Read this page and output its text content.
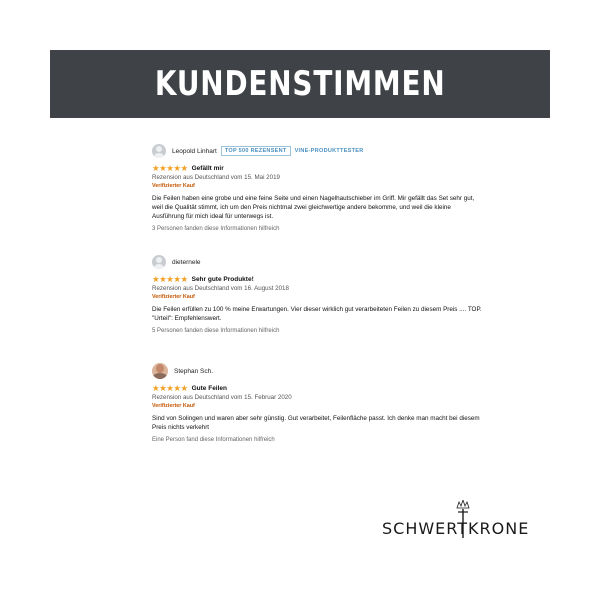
KUNDENSTIMMEN
Leopold Linhart	TOP 500 REZENSENT	VINE-PRODUKTTESTER
★★★★★ Gefällt mir
Rezension aus Deutschland vom 15. Mai 2019
Verifizierter Kauf
Die Feilen haben eine grobe und eine feine Seite und einen Nagelhautschieber im Griff. Mir gefällt das Set sehr gut, weil die Qualität stimmt, ich um den Preis nichtmal zwei gleichwertige andere bekomme, und weil die kleine Ausführung für mich ideal für unterwegs ist.
3 Personen fanden diese Informationen hilfreich
dieternele
★★★★★ Sehr gute Produkte!
Rezension aus Deutschland vom 16. August 2018
Verifizierter Kauf
Die Feilen erfüllen zu 100 % meine Erwartungen. Vier dieser wirklich gut verarbeiteten Feilen zu diesem Preis .... TOP.
"Urteil": Empfehlenswert.
5 Personen fanden diese Informationen hilfreich
Stephan Sch.
★★★★★ Gute Feilen
Rezension aus Deutschland vom 15. Februar 2020
Verifizierter Kauf
Sind von Solingen und waren aber sehr günstig. Gut verarbeitet, Feilenfläche passt. Ich denke man macht bei diesem Preis nichts verkehrt
Eine Person fand diese Informationen hilfreich
SCHWERTKRONE
